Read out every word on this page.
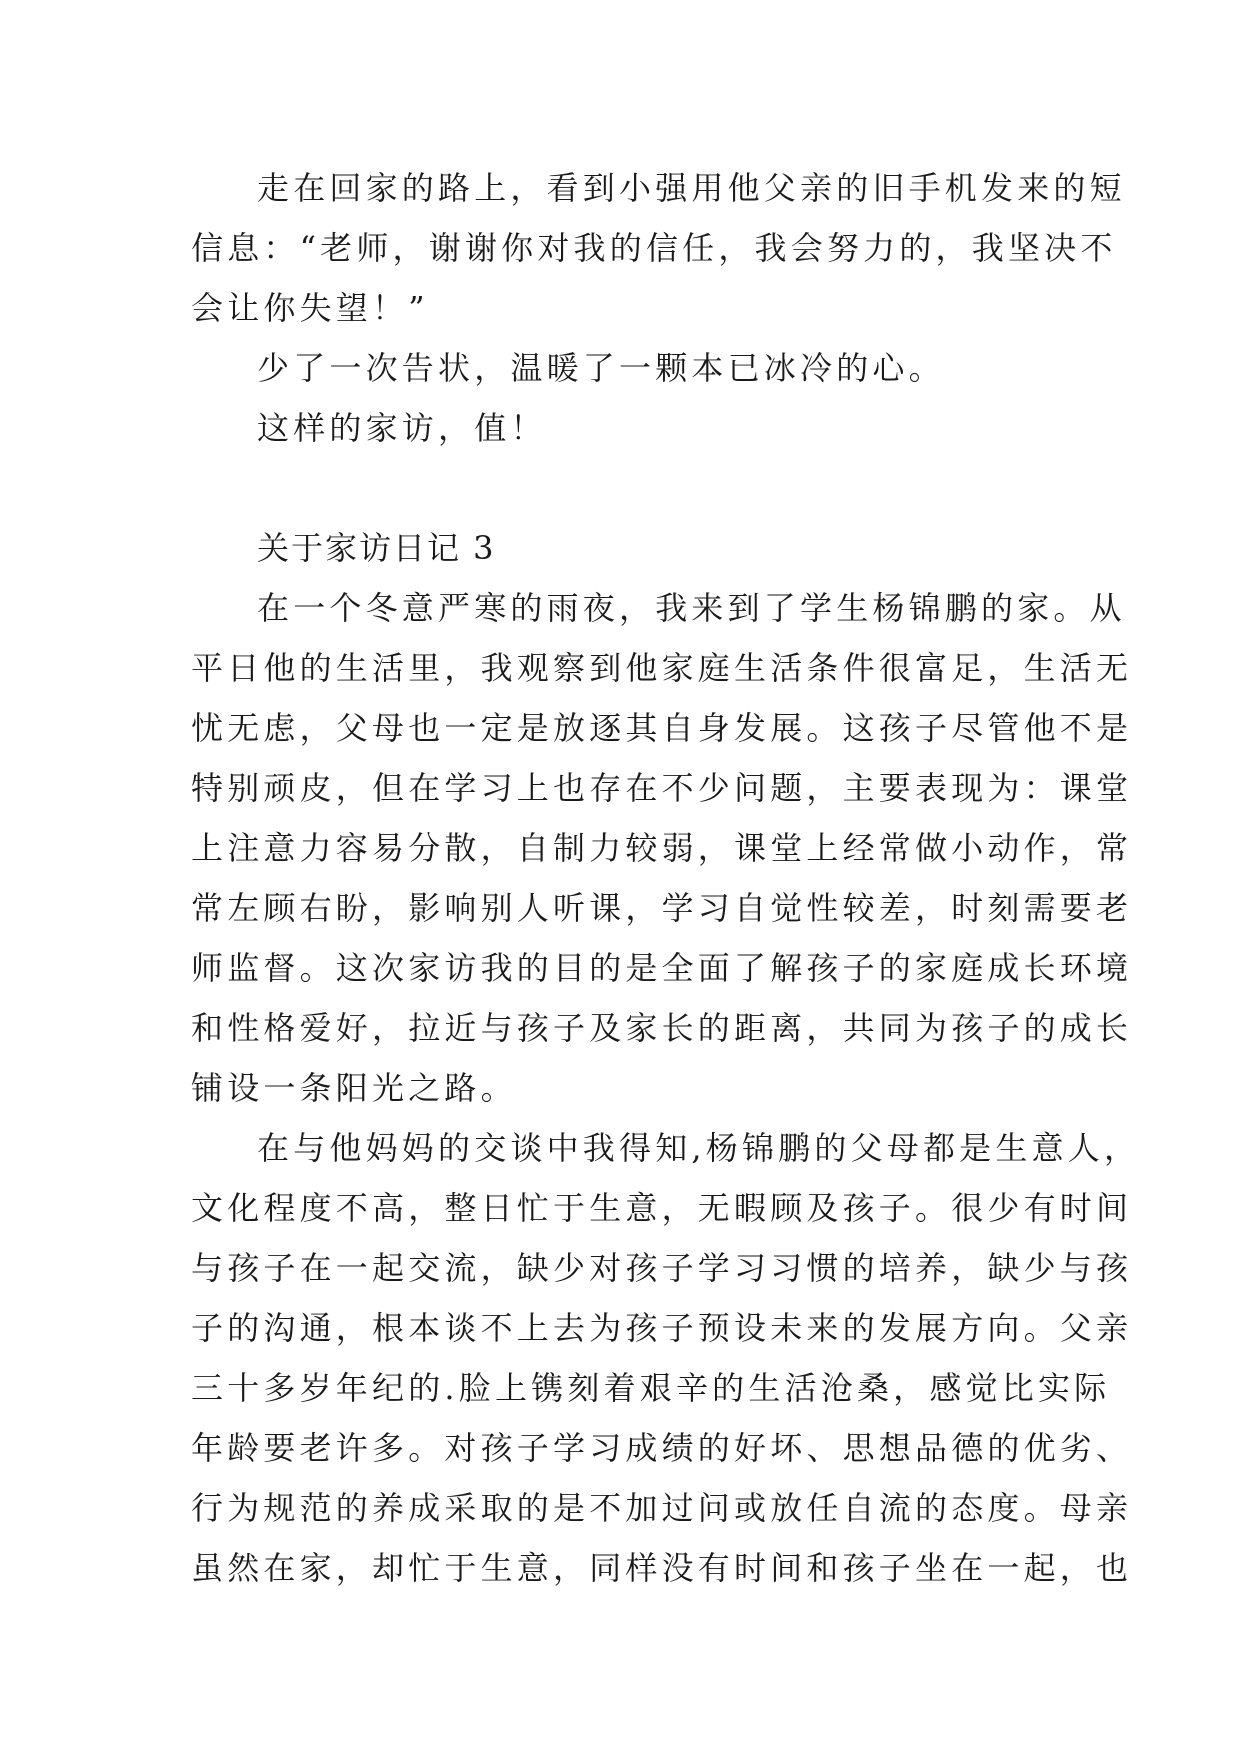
走在回家的路上，看到小强用他父亲的旧手机发来的短
信息：“老师，谢谢你对我的信任，我会努力的，我坚决不
会让你失望！”
少了一次告状，温暖了一颗本已冰冷的心。
这样的家访，值！
关于家访日记 3
在一个冬意严寒的雨夜，我来到了学生杨锦鹏的家。从
平日他的生活里，我观察到他家庭生活条件很富足，生活无
忧无虑，父母也一定是放逐其自身发展。这孩子尽管他不是
特别顽皮，但在学习上也存在不少问题，主要表现为：课堂
上注意力容易分散，自制力较弱，课堂上经常做小动作，常
常左顾右盼，影响别人听课，学习自觉性较差，时刻需要老
师监督。这次家访我的目的是全面了解孩子的家庭成长环境
和性格爱好，拉近与孩子及家长的距离，共同为孩子的成长
铺设一条阳光之路。
在与他妈妈的交谈中我得知,杨锦鹏的父母都是生意人，
文化程度不高，整日忙于生意，无暇顾及孩子。很少有时间
与孩子在一起交流，缺少对孩子学习习惯的培养，缺少与孩
子的沟通，根本谈不上去为孩子预设未来的发展方向。父亲
三十多岁年纪的.脸上镌刻着艰辛的生活沧桑，感觉比实际
年龄要老许多。对孩子学习成绩的好坏、思想品德的优劣、
行为规范的养成采取的是不加过问或放任自流的态度。母亲
虽然在家，却忙于生意，同样没有时间和孩子坐在一起，也
